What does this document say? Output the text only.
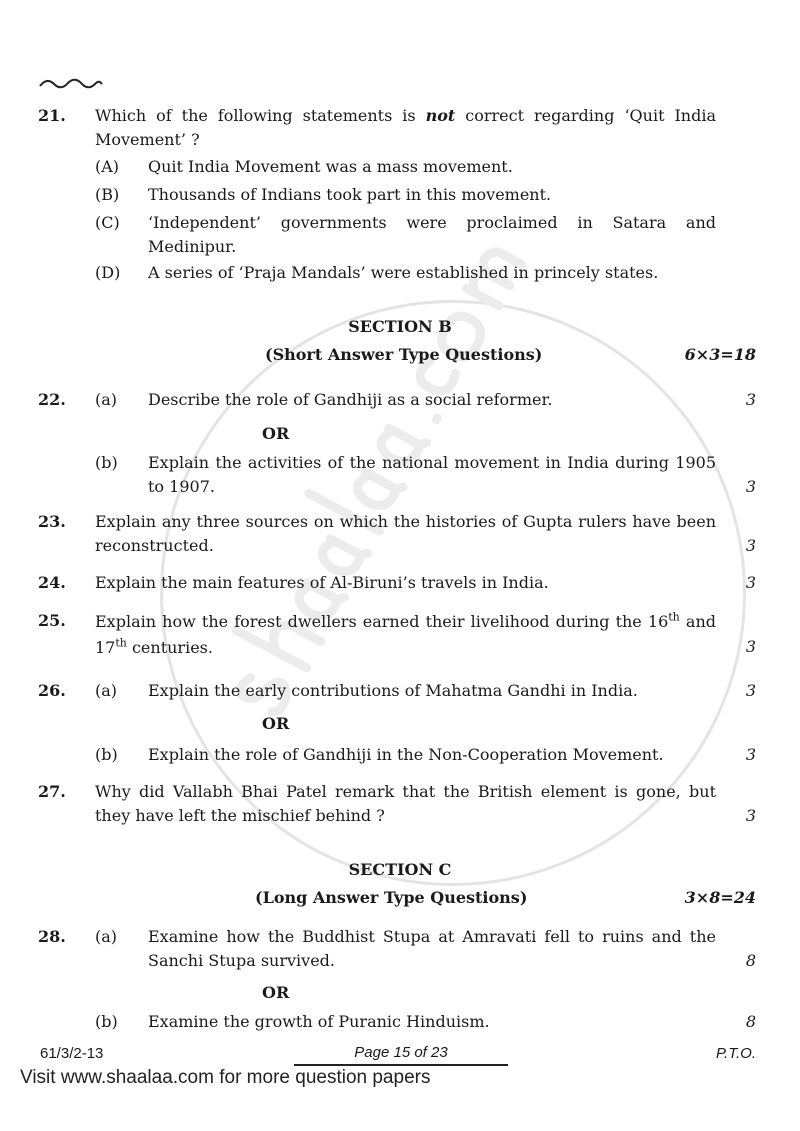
21. Which of the following statements is not correct regarding ‘Quit India Movement’ ?
(A) Quit India Movement was a mass movement.
(B) Thousands of Indians took part in this movement.
(C) ‘Independent’ governments were proclaimed in Satara and Medinipur.
(D) A series of ‘Praja Mandals’ were established in princely states.
SECTION B
(Short Answer Type Questions)	6×3=18
22. (a) Describe the role of Gandhiji as a social reformer.	3
OR
(b) Explain the activities of the national movement in India during 1905 to 1907.	3
23. Explain any three sources on which the histories of Gupta rulers have been reconstructed.	3
24. Explain the main features of Al-Biruni’s travels in India.	3
25. Explain how the forest dwellers earned their livelihood during the 16th and 17th centuries.	3
26. (a) Explain the early contributions of Mahatma Gandhi in India.	3
OR
(b) Explain the role of Gandhiji in the Non-Cooperation Movement.	3
27. Why did Vallabh Bhai Patel remark that the British element is gone, but they have left the mischief behind ?	3
SECTION C
(Long Answer Type Questions)	3×8=24
28. (a) Examine how the Buddhist Stupa at Amravati fell to ruins and the Sanchi Stupa survived.	8
OR
(b) Examine the growth of Puranic Hinduism.	8
61/3/2-13	Page 15 of 23	P.T.O.
Visit www.shaalaa.com for more question papers
